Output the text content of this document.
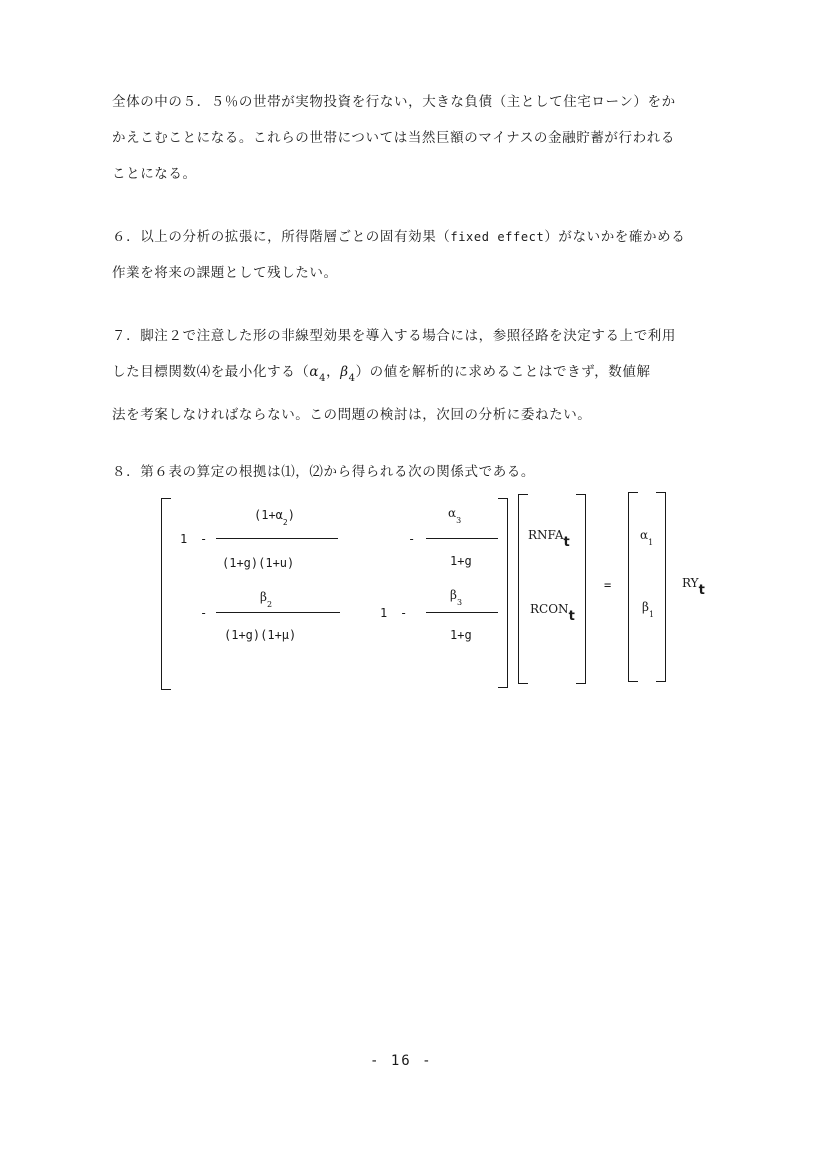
全体の中の５．５％の世帯が実物投資を行ない，大きな負債（主として住宅ローン）をか
かえこむことになる。これらの世帯については当然巨額のマイナスの金融貯蓄が行われる
ことになる。
６．以上の分析の拡張に，所得階層ごとの固有効果（fixed effect）がないかを確かめる
作業を将来の課題として残したい。
７．脚注２で注意した形の非線型効果を導入する場合には，参照径路を決定する上で利用
した目標関数⑷を最小化する（$\alpha_4$，$\beta_4$）の値を解析的に求めることはできず，数値解
法を考案しなければならない。この問題の検討は，次回の分析に委ねたい。
８．第６表の算定の根拠は⑴，⑵から得られる次の関係式である。
1 -
$(1+\alpha_2)$
(1+g)(1+u)
-
$\alpha_3$
1+g
-
$\beta_2$
(1+g)(1+μ)
1 -
$\beta_3$
1+g
RNFAt
RCONt
=
$\alpha_1$
$\beta_1$
RYt
- 16 -
